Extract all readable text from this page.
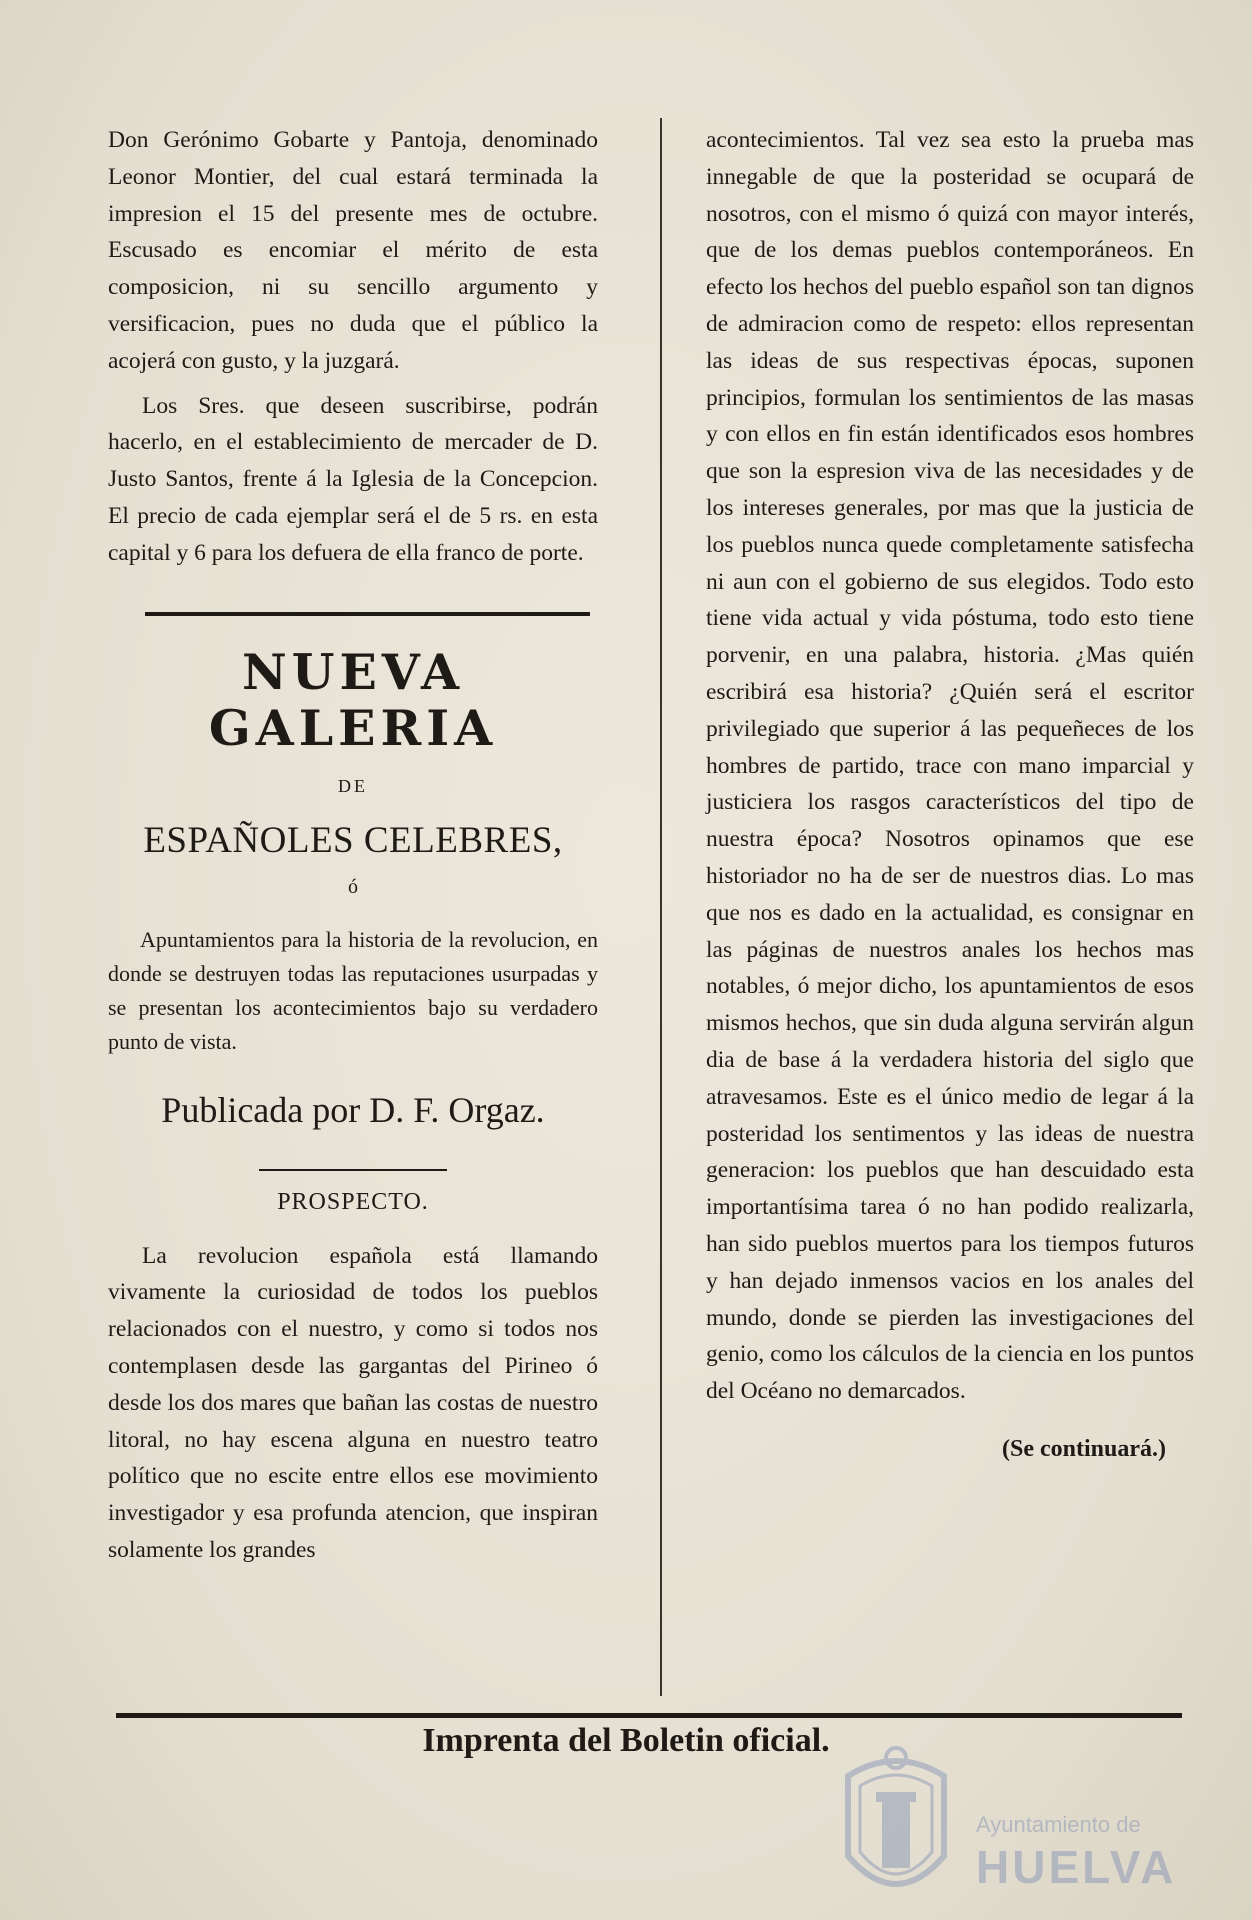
Don Gerónimo Gobarte y Pantoja, denominado Leonor Montier, del cual estará terminada la impresion el 15 del presente mes de octubre. Escusado es encomiar el mérito de esta composicion, ni su sencillo argumento y versificacion, pues no duda que el público la acojerá con gusto, y la juzgará.

Los Sres. que deseen suscribirse, podrán hacerlo, en el establecimiento de mercader de D. Justo Santos, frente á la Iglesia de la Concepcion. El precio de cada ejemplar será el de 5 rs. en esta capital y 6 para los defuera de ella franco de porte.

NUEVA GALERIA
DE
ESPAÑOLES CELEBRES,
ó

Apuntamientos para la historia de la revolucion, en donde se destruyen todas las reputaciones usurpadas y se presentan los acontecimientos bajo su verdadero punto de vista.

Publicada por D. F. Orgaz.
PROSPECTO.

La revolucion española está llamando vivamente la curiosidad de todos los pueblos relacionados con el nuestro, y como si todos nos contemplasen desde las gargantas del Pirineo ó desde los dos mares que bañan las costas de nuestro litoral, no hay escena alguna en nuestro teatro político que no escite entre ellos ese movimiento investigador y esa profunda atencion, que inspiran solamente los grandes

acontecimientos. Tal vez sea esto la prueba mas innegable de que la posteridad se ocupará de nosotros, con el mismo ó quizá con mayor interés, que de los demas pueblos contemporáneos. En efecto los hechos del pueblo español son tan dignos de admiracion como de respeto: ellos representan las ideas de sus respectivas épocas, suponen principios, formulan los sentimientos de las masas y con ellos en fin están identificados esos hombres que son la espresion viva de las necesidades y de los intereses generales, por mas que la justicia de los pueblos nunca quede completamente satisfecha ni aun con el gobierno de sus elegidos. Todo esto tiene vida actual y vida póstuma, todo esto tiene porvenir, en una palabra, historia. ¿Mas quién escribirá esa historia? ¿Quién será el escritor privilegiado que superior á las pequeñeces de los hombres de partido, trace con mano imparcial y justiciera los rasgos característicos del tipo de nuestra época? Nosotros opinamos que ese historiador no ha de ser de nuestros dias. Lo mas que nos es dado en la actualidad, es consignar en las páginas de nuestros anales los hechos mas notables, ó mejor dicho, los apuntamientos de esos mismos hechos, que sin duda alguna servirán algun dia de base á la verdadera historia del siglo que atravesamos. Este es el único medio de legar á la posteridad los sentimentos y las ideas de nuestra generacion: los pueblos que han descuidado esta importantísima tarea ó no han podido realizarla, han sido pueblos muertos para los tiempos futuros y han dejado inmensos vacios en los anales del mundo, donde se pierden las investigaciones del genio, como los cálculos de la ciencia en los puntos del Océano no demarcados.

(Se continuará.)
Imprenta del Boletin oficial.
Ayuntamiento de
HUELVA
